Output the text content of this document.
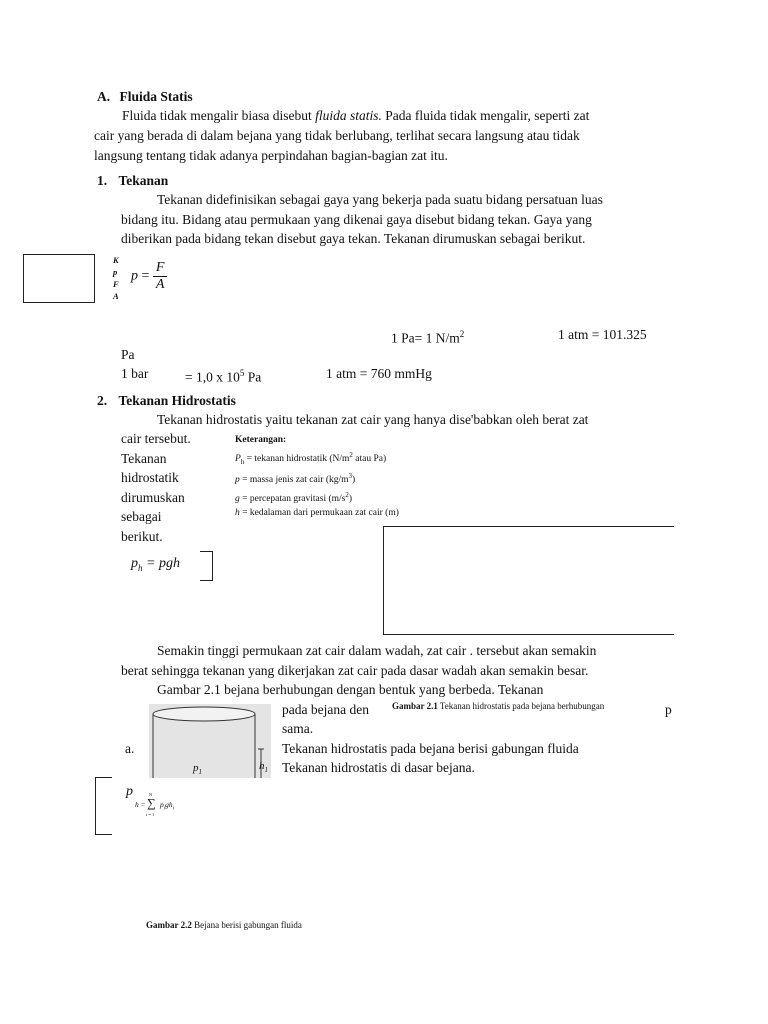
A. Fluida Statis
Fluida tidak mengalir biasa disebut fluida statis. Pada fluida tidak mengalir, seperti zat
cair yang berada di dalam bejana yang tidak berlubang, terlihat secara langsung atau tidak
langsung tentang tidak adanya perpindahan bagian-bagian zat itu.
1. Tekanan
Tekanan didefinisikan sebagai gaya yang bekerja pada suatu bidang persatuan luas
bidang itu. Bidang atau permukaan yang dikenai gaya disebut bidang tekan. Gaya yang
diberikan pada bidang tekan disebut gaya tekan. Tekanan dirumuskan sebagai berikut.
K
p
F
A
$p = \frac{F}{A}$
1 Pa= 1 $N/m^2$	1 atm = 101.325
Pa
1 bar	= 1,0 x $10^5$ Pa	1 atm = 760 mmHg
2. Tekanan Hidrostatis
Tekanan hidrostatis yaitu tekanan zat cair yang hanya dise'babkan oleh berat zat
cair tersebut.
Tekanan
hidrostatik
dirumuskan
sebagai
berikut.
Keterangan:
$P_h$ = tekanan hidrostatik ($N/m^2$ atau Pa)
p = massa jenis zat cair $(kg/m^3)$
g = percepatan gravitasi $(m/s^2)$
h = kedalaman dari permukaan zat cair (m)
$p_h$ = pgh
Semakin tinggi permukaan zat cair dalam wadah, zat cair . tersebut akan semakin
berat sehingga tekanan yang dikerjakan zat cair pada dasar wadah akan semakin besar.
Gambar 2.1 bejana berhubungan dengan bentuk yang berbeda. Tekanan
$p_1$
$h_1$
pada bejana den	Gambar 2.1 Tekanan hidrostatis pada bejana berhubungan	p
sama.
a.	Tekanan hidrostatis pada bejana berisi gabungan fluida
Tekanan hidrostatis di dasar bejana.
p
h =
N
∑
i = 1
$p_igh_i$
Gambar 2.2 Bejana berisi gabungan fluida
